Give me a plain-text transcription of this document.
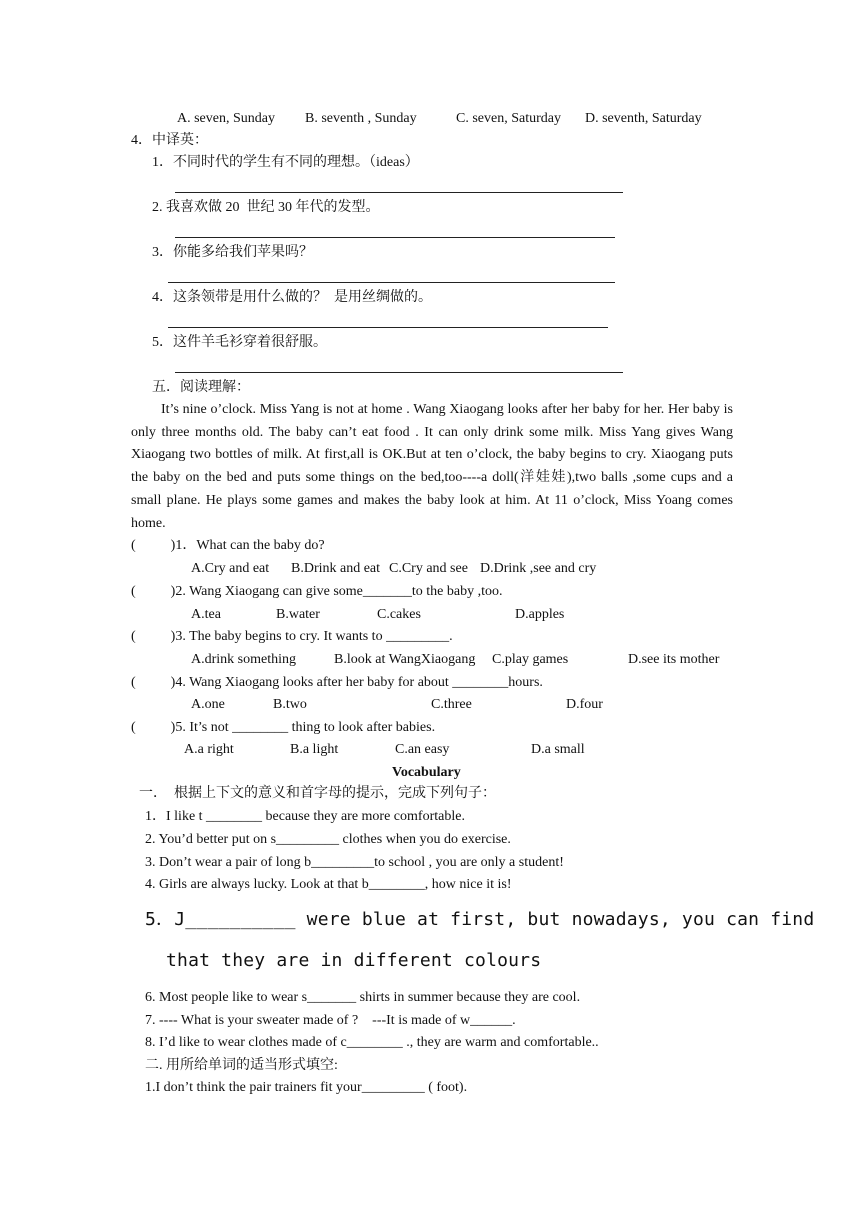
A. seven, Sunday B. seventh , Sunday	C. seven, Saturday D. seventh, Saturday
4．中译英：
1．不同时代的学生有不同的理想。（ideas）
2. 我喜欢做 20  世纪 30 年代的发型。
3．你能多给我们苹果吗？
4．这条领带是用什么做的？  是用丝绸做的。
5．这件羊毛衫穿着很舒服。
五．阅读理解：
It’s nine o’clock. Miss Yang is not at home . Wang Xiaogang looks after her baby for her. Her baby is only three months old. The baby can’t eat food . It can only drink some milk. Miss Yang gives Wang Xiaogang two bottles of milk. At first,all is OK.But at ten o’clock, the baby begins to cry. Xiaogang puts the baby on the bed and puts some things on the bed,too----a doll(洋娃娃),two balls ,some cups and a small plane. He plays some games and makes the baby look at him. At 11 o’clock, Miss Yoang comes home.
(          )1．What can the baby do?
A.Cry and eat B.Drink and eat C.Cry and see D.Drink ,see and cry
(          )2. Wang Xiaogang can give some_______to the baby ,too.
A.tea	B.water	C.cakes	D.apples
(          )3. The baby begins to cry. It wants to _________.
A.drink something	B.look at WangXiaogang C.play games	D.see its mother
(          )4. Wang Xiaogang looks after her baby for about ________hours.
A.one	B.two	C.three	D.four
(          )5. It’s not ________ thing to look after babies.
A.a right	B.a light	C.an easy	D.a small
Vocabulary
一．  根据上下文的意义和首字母的提示，完成下列句子：
1．I like t ________ because they are more comfortable.
2. You’d better put on s_________ clothes when you do exercise.
3. Don’t wear a pair of long b_________to school , you are only a student!
4. Girls are always lucky. Look at that b________, how nice it is!
5．J__________ were blue at first, but nowadays, you can find
that they are in different colours
6. Most people like to wear s_______ shirts in summer because they are cool.
7. ---- What is your sweater made of ?    ---It is made of w______.
8. I’d like to wear clothes made of c________ ., they are warm and comfortable..
二. 用所给单词的适当形式填空:
1.I don’t think the pair trainers fit your_________ ( foot).
